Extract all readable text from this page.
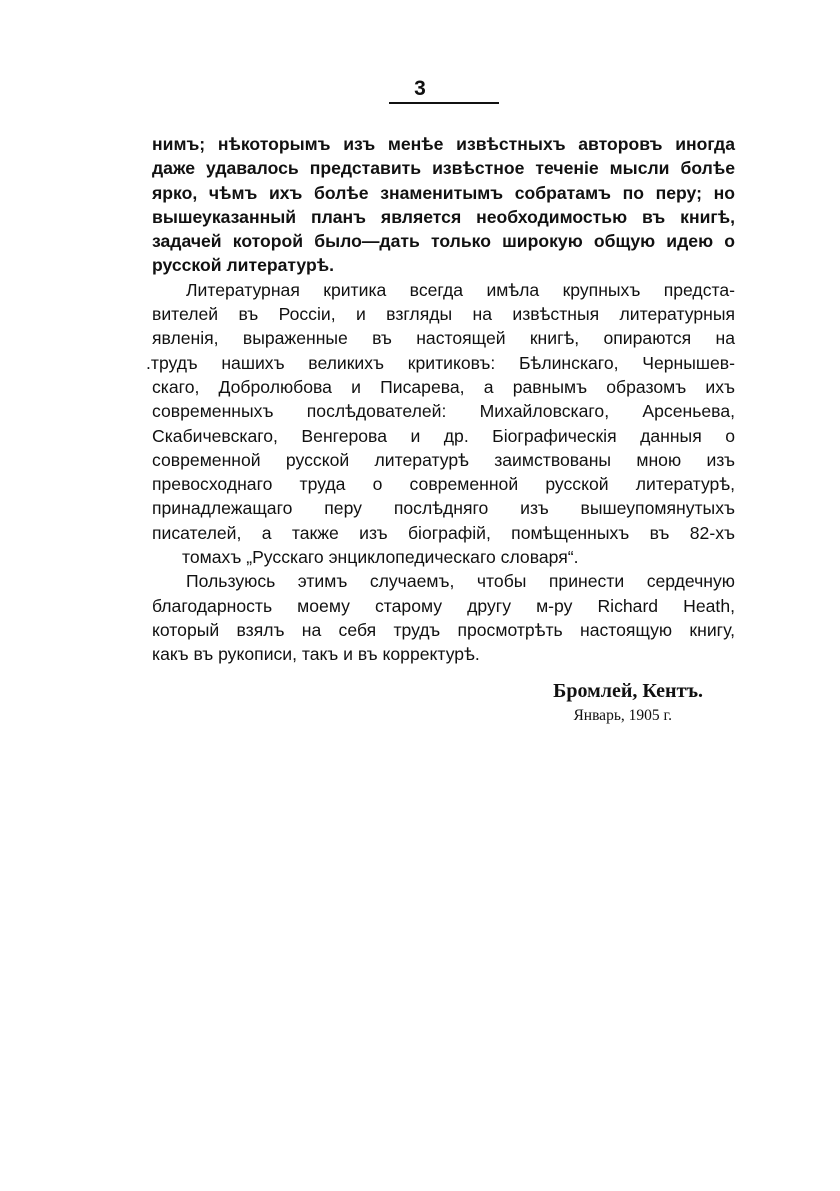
3
нимъ; нѣкоторымъ изъ менѣе извѣстныхъ авторовъ иногда
даже удавалось представить извѣстное теченіе мысли болѣе
ярко, чѣмъ ихъ болѣе знаменитымъ собратамъ по перу; но
вышеуказанный планъ является необходимостью въ книгѣ,
задачей которой было—дать только широкую общую идею о
русской литературѣ.
Литературная критика всегда имѣла крупныхъ предста-
вителей въ Россіи, и взгляды на извѣстныя литературныя
явленія, выраженные въ настоящей книгѣ, опираются на
.трудъ нашихъ великихъ критиковъ: Бѣлинскаго, Чернышев-
скаго, Добролюбова и Писарева, а равнымъ образомъ ихъ
современныхъ послѣдователей: Михайловскаго, Арсеньева,
Скабичевскаго, Венгерова и др. Біографическія данныя о
современной русской литературѣ заимствованы мною изъ
превосходнаго труда о современной русской литературѣ,
принадлежащаго перу послѣдняго изъ вышеупомянутыхъ
писателей, а также изъ біографій, помѣщенныхъ въ 82-хъ
томахъ „Русскаго энциклопедическаго словаря“.
Пользуюсь этимъ случаемъ, чтобы принести сердечную
благодарность моему старому другу м-ру Richard Heath,
который взялъ на себя трудъ просмотрѣть настоящую книгу,
какъ въ рукописи, такъ и въ корректурѣ.
Бромлей, Кентъ.
Январь, 1905 г.
